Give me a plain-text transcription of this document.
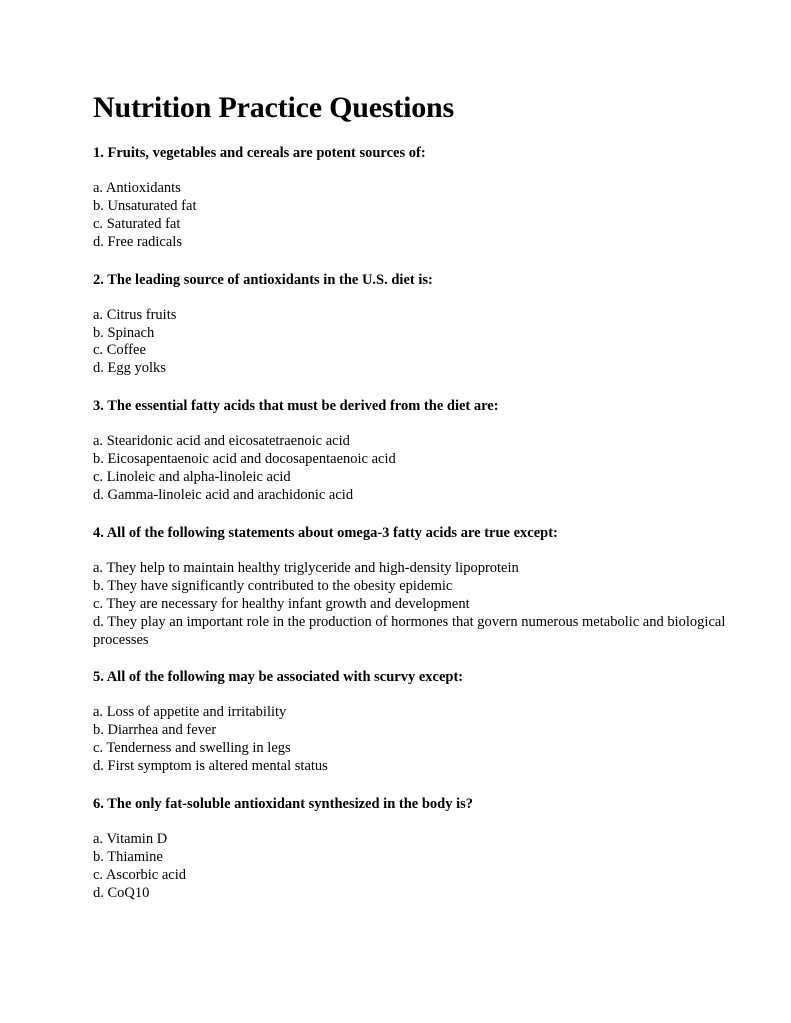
Nutrition Practice Questions

1. Fruits, vegetables and cereals are potent sources of:

a. Antioxidants
b. Unsaturated fat
c. Saturated fat
d. Free radicals

2. The leading source of antioxidants in the U.S. diet is:

a. Citrus fruits
b. Spinach
c. Coffee
d. Egg yolks

3. The essential fatty acids that must be derived from the diet are:

a. Stearidonic acid and eicosatetraenoic acid
b. Eicosapentaenoic acid and docosapentaenoic acid
c. Linoleic and alpha-linoleic acid
d. Gamma-linoleic acid and arachidonic acid

4. All of the following statements about omega-3 fatty acids are true except:

a. They help to maintain healthy triglyceride and high-density lipoprotein
b. They have significantly contributed to the obesity epidemic
c. They are necessary for healthy infant growth and development
d. They play an important role in the production of hormones that govern numerous metabolic and biological processes

5. All of the following may be associated with scurvy except:

a. Loss of appetite and irritability
b. Diarrhea and fever
c. Tenderness and swelling in legs
d. First symptom is altered mental status

6. The only fat-soluble antioxidant synthesized in the body is?

a. Vitamin D
b. Thiamine
c. Ascorbic acid
d. CoQ10
